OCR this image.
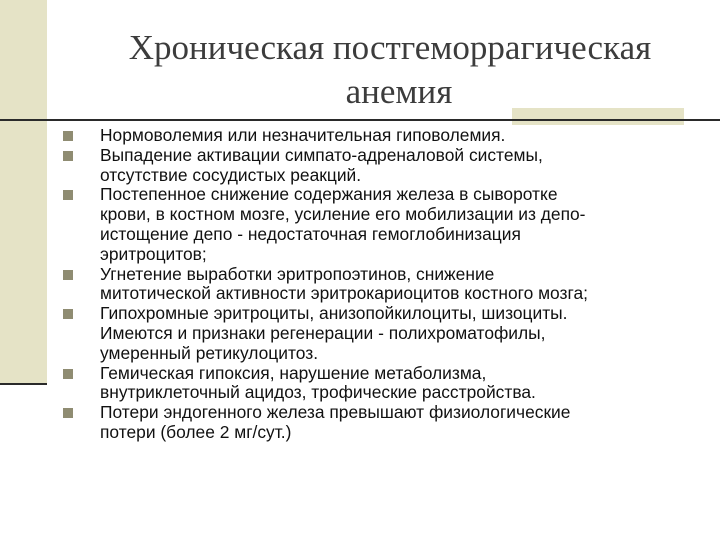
Хроническая постгеморрагическая
анемия
Нормоволемия или незначительная гиповолемия.
Выпадение активации симпато-адреналовой системы,
отсутствие сосудистых реакций.
Постепенное снижение содержания железа в сыворотке
крови, в костном мозге, усиление его мобилизации из депо-
истощение депо - недостаточная гемоглобинизация
эритроцитов;
Угнетение выработки эритропоэтинов, снижение
митотической активности эритрокариоцитов костного мозга;
Гипохромные эритроциты, анизопойкилоциты, шизоциты.
Имеются и признаки регенерации - полихроматофилы,
умеренный ретикулоцитоз.
Гемическая гипоксия, нарушение метаболизма,
внутриклеточный ацидоз, трофические расстройства.
Потери эндогенного железа превышают физиологические
потери (более 2 мг/сут.)
